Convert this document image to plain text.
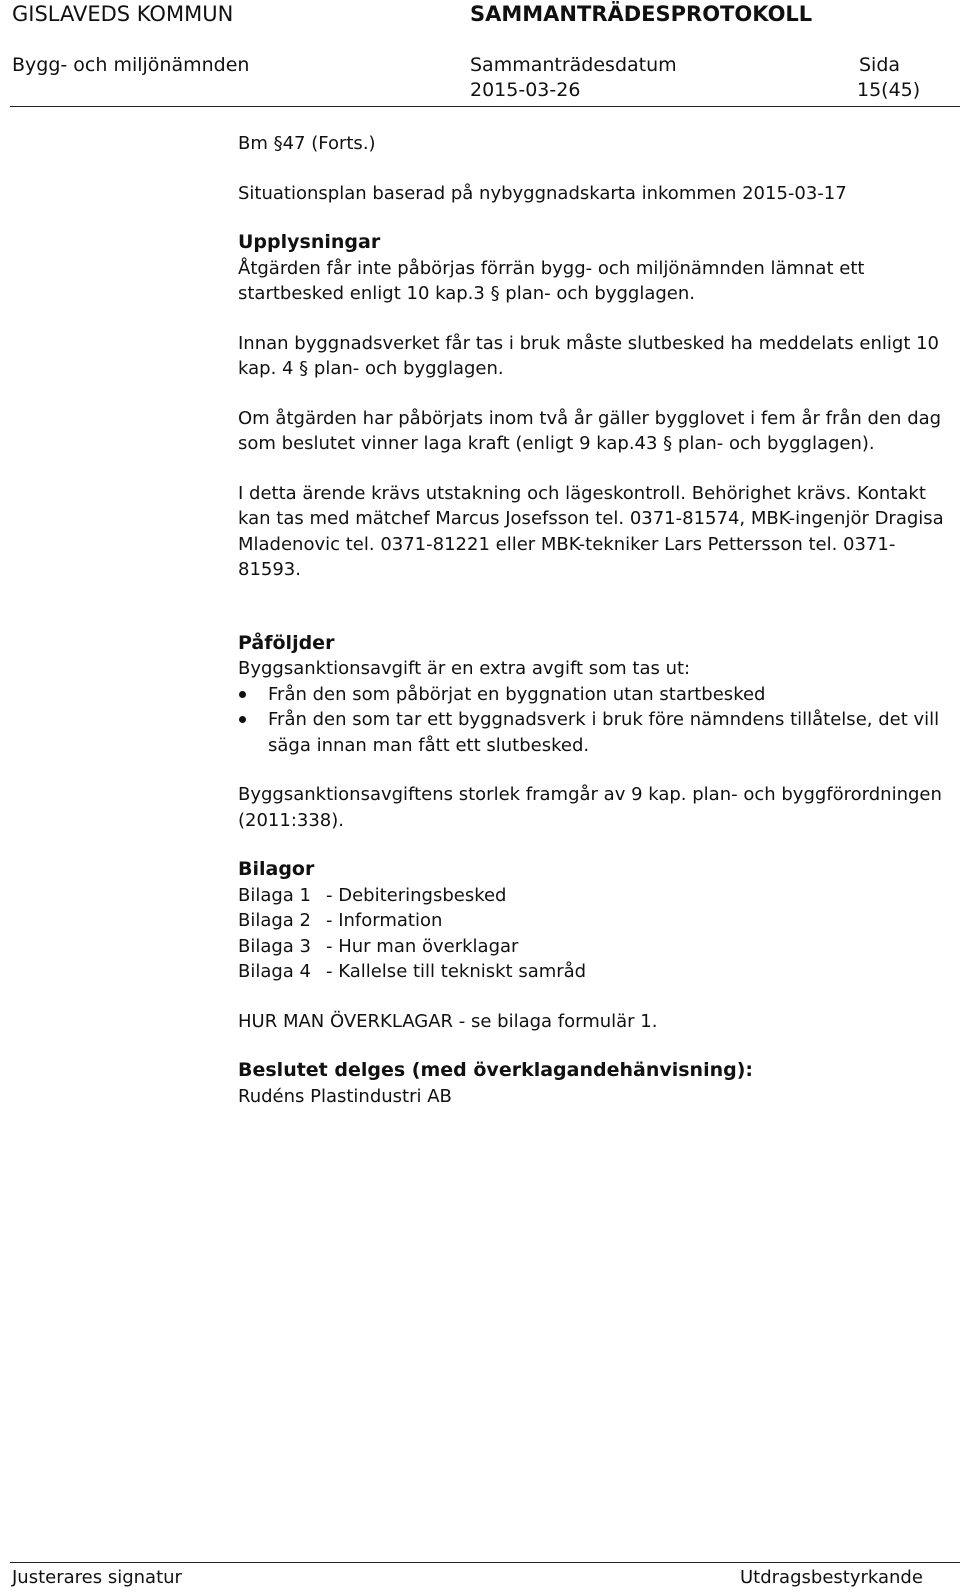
GISLAVEDS KOMMUN	SAMMANTRÄDESPROTOKOLL
Bygg- och miljönämnden	Sammanträdesdatum	Sida
2015-03-26	15(45)

Bm §47 (Forts.)

Situationsplan baserad på nybyggnadskarta inkommen 2015-03-17

Upplysningar

Åtgärden får inte påbörjas förrän bygg- och miljönämnden lämnat ett startbesked enligt 10 kap.3 § plan- och bygglagen.

Innan byggnadsverket får tas i bruk måste slutbesked ha meddelats enligt 10 kap. 4 § plan- och bygglagen.

Om åtgärden har påbörjats inom två år gäller bygglovet i fem år från den dag som beslutet vinner laga kraft (enligt 9 kap.43 § plan- och bygglagen).

I detta ärende krävs utstakning och lägeskontroll. Behörighet krävs. Kontakt kan tas med mätchef Marcus Josefsson tel. 0371-81574, MBK-ingenjör Dragisa Mladenovic tel. 0371-81221 eller MBK-tekniker Lars Pettersson tel. 0371-81593.

Påföljder

Byggsanktionsavgift är en extra avgift som tas ut:

Från den som påbörjat en byggnation utan startbesked
Från den som tar ett byggnadsverk i bruk före nämndens tillåtelse, det vill säga innan man fått ett slutbesked.

Byggsanktionsavgiftens storlek framgår av 9 kap. plan- och byggförordningen (2011:338).

Bilagor

Bilaga 1 - Debiteringsbesked
Bilaga 2 - Information
Bilaga 3 - Hur man överklagar
Bilaga 4 - Kallelse till tekniskt samråd

HUR MAN ÖVERKLAGAR - se bilaga formulär 1.

Beslutet delges (med överklagandehänvisning):

Rudéns Plastindustri AB

Justerares signatur	Utdragsbestyrkande
